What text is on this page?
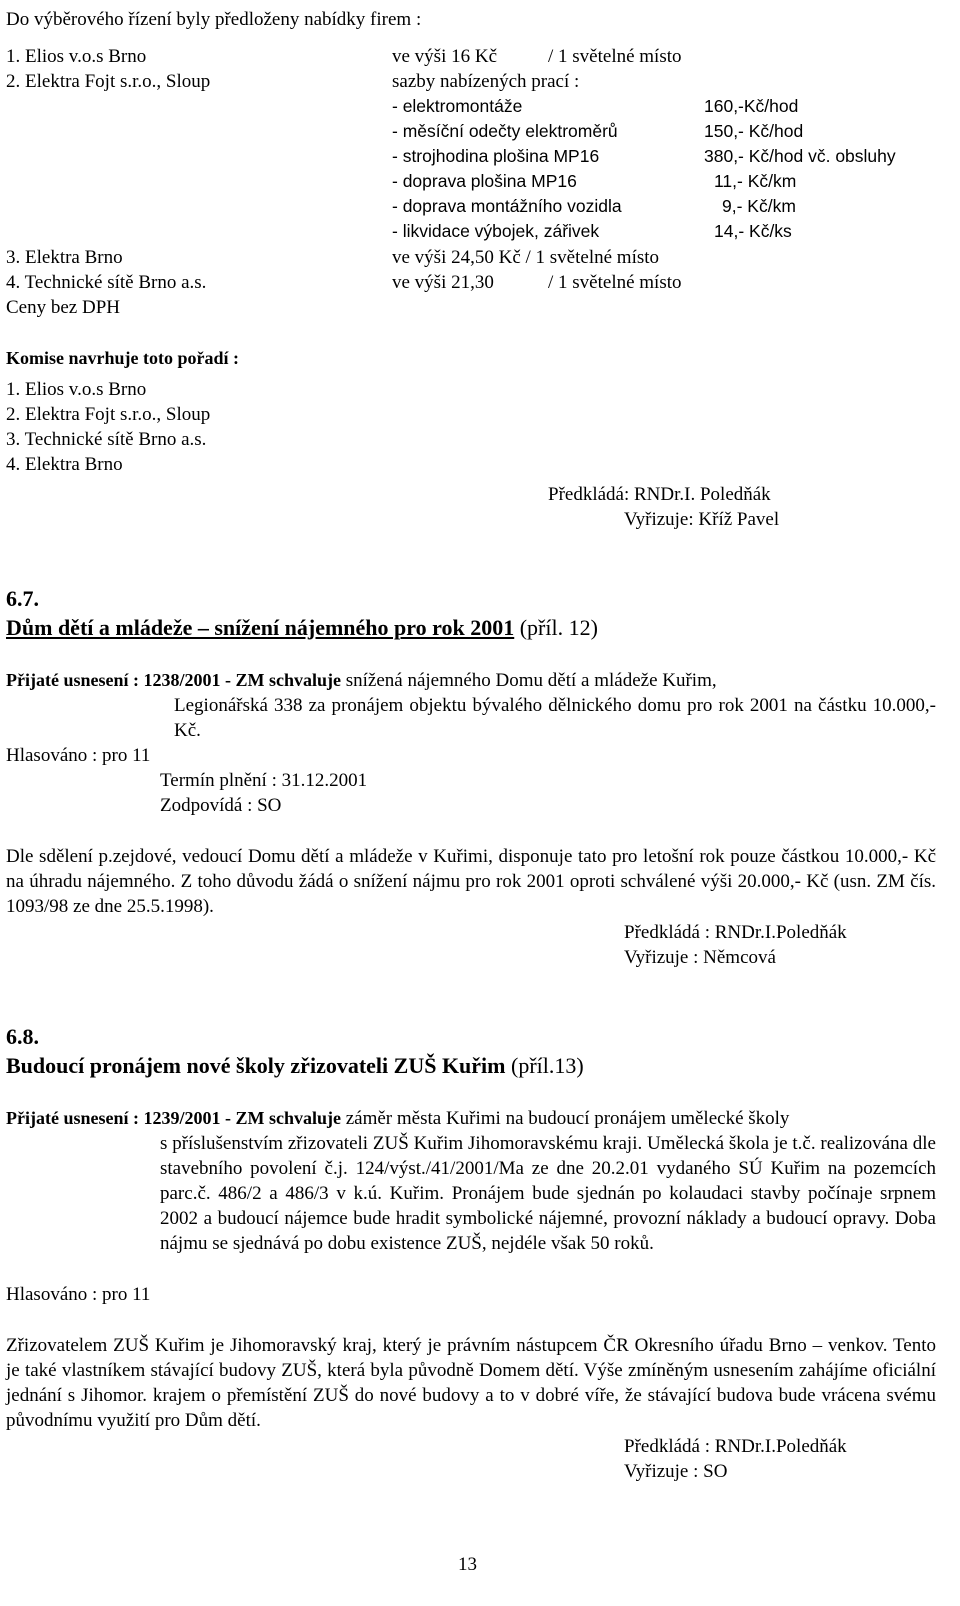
Do výběrového řízení byly předloženy nabídky firem :
1. Elios v.o.s Brno	ve výši 16 Kč	/ 1 světelné místo
2. Elektra Fojt s.r.o., Sloup	sazby nabízených prací :
- elektromontáže	160,-Kč/hod
- měsíční odečty elektroměrů	150,- Kč/hod
- strojhodina plošina MP16	380,- Kč/hod vč. obsluhy
- doprava plošina MP16	11,- Kč/km
- doprava montážního vozidla	9,- Kč/km
- likvidace výbojek, zářivek	14,- Kč/ks
3. Elektra Brno	ve výši 24,50 Kč / 1 světelné místo
4. Technické sítě Brno a.s.	ve výši 21,30	/ 1 světelné místo
Ceny bez DPH
Komise navrhuje toto pořadí :
1. Elios v.o.s Brno
2. Elektra Fojt s.r.o., Sloup
3. Technické sítě Brno a.s.
4. Elektra Brno
Předkládá: RNDr.I. Poledňák
Vyřizuje: Kříž Pavel
6.7.
Dům dětí a mládeže – snížení nájemného pro rok 2001 (příl. 12)
Přijaté usnesení : 1238/2001 - ZM schvaluje snížená nájemného Domu dětí a mládeže Kuřim,
Legionářská 338 za pronájem objektu bývalého dělnického domu pro rok 2001 na částku 10.000,- Kč.
Hlasováno : pro 11
Termín plnění : 31.12.2001
Zodpovídá : SO
Dle sdělení p.zejdové, vedoucí Domu dětí a mládeže v Kuřimi, disponuje tato pro letošní rok pouze částkou 10.000,- Kč na úhradu nájemného. Z toho důvodu žádá o snížení nájmu pro rok 2001 oproti schválené výši 20.000,- Kč (usn. ZM čís. 1093/98 ze dne 25.5.1998).
Předkládá : RNDr.I.Poledňák
Vyřizuje : Němcová
6.8.
Budoucí pronájem nové školy zřizovateli ZUŠ Kuřim (příl.13)
Přijaté usnesení : 1239/2001 - ZM schvaluje záměr města Kuřimi na budoucí pronájem umělecké školy
s příslušenstvím zřizovateli ZUŠ Kuřim Jihomoravskému kraji. Umělecká škola je t.č. realizována dle stavebního povolení č.j. 124/výst./41/2001/Ma ze dne 20.2.01 vydaného SÚ Kuřim na pozemcích parc.č. 486/2 a 486/3 v k.ú. Kuřim. Pronájem bude sjednán po kolaudaci stavby počínaje srpnem 2002 a budoucí nájemce bude hradit symbolické nájemné, provozní náklady a budoucí opravy. Doba nájmu se sjednává po dobu existence ZUŠ, nejdéle však 50 roků.
Hlasováno : pro 11
Zřizovatelem ZUŠ Kuřim je Jihomoravský kraj, který je právním nástupcem ČR Okresního úřadu Brno – venkov. Tento je také vlastníkem stávající budovy ZUŠ, která byla původně Domem dětí. Výše zmíněným usnesením zahájíme oficiální jednání s Jihomor. krajem o přemístění ZUŠ do nové budovy a to v dobré víře, že stávající budova bude vrácena svému původnímu využití pro Dům dětí.
Předkládá : RNDr.I.Poledňák
Vyřizuje : SO
13
